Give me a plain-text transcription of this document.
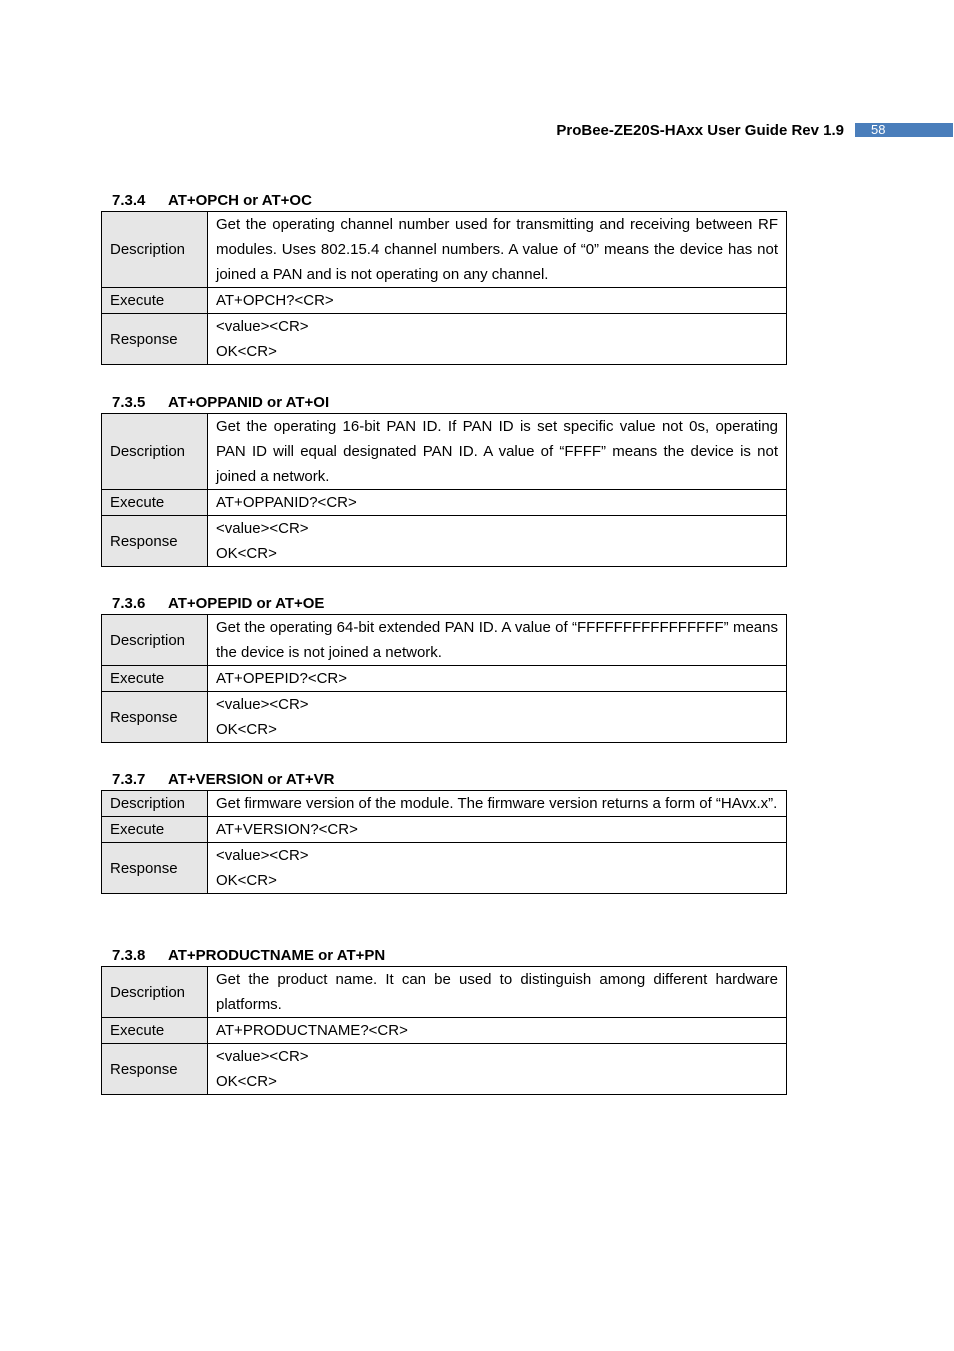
ProBee-ZE20S-HAxx User Guide Rev 1.9	58
7.3.4 AT+OPCH or AT+OC
Description	Get the operating channel number used for transmitting and receiving between RF modules. Uses 802.15.4 channel numbers. A value of “0” means the device has not joined a PAN and is not operating on any channel.
Execute	AT+OPCH?<CR>
Response	<value><CR>
OK<CR>
7.3.5 AT+OPPANID or AT+OI
Description	Get the operating 16-bit PAN ID. If PAN ID is set specific value not 0s, operating PAN ID will equal designated PAN ID. A value of “FFFF” means the device is not joined a network.
Execute	AT+OPPANID?<CR>
Response	<value><CR>
OK<CR>
7.3.6 AT+OPEPID or AT+OE
Description	Get the operating 64-bit extended PAN ID. A value of “FFFFFFFFFFFFFFFF” means the device is not joined a network.
Execute	AT+OPEPID?<CR>
Response	<value><CR>
OK<CR>
7.3.7 AT+VERSION or AT+VR
Description	Get firmware version of the module. The firmware version returns a form of “HAvx.x”.
Execute	AT+VERSION?<CR>
Response	<value><CR>
OK<CR>
7.3.8 AT+PRODUCTNAME or AT+PN
Description	Get the product name. It can be used to distinguish among different hardware platforms.
Execute	AT+PRODUCTNAME?<CR>
Response	<value><CR>
OK<CR>
